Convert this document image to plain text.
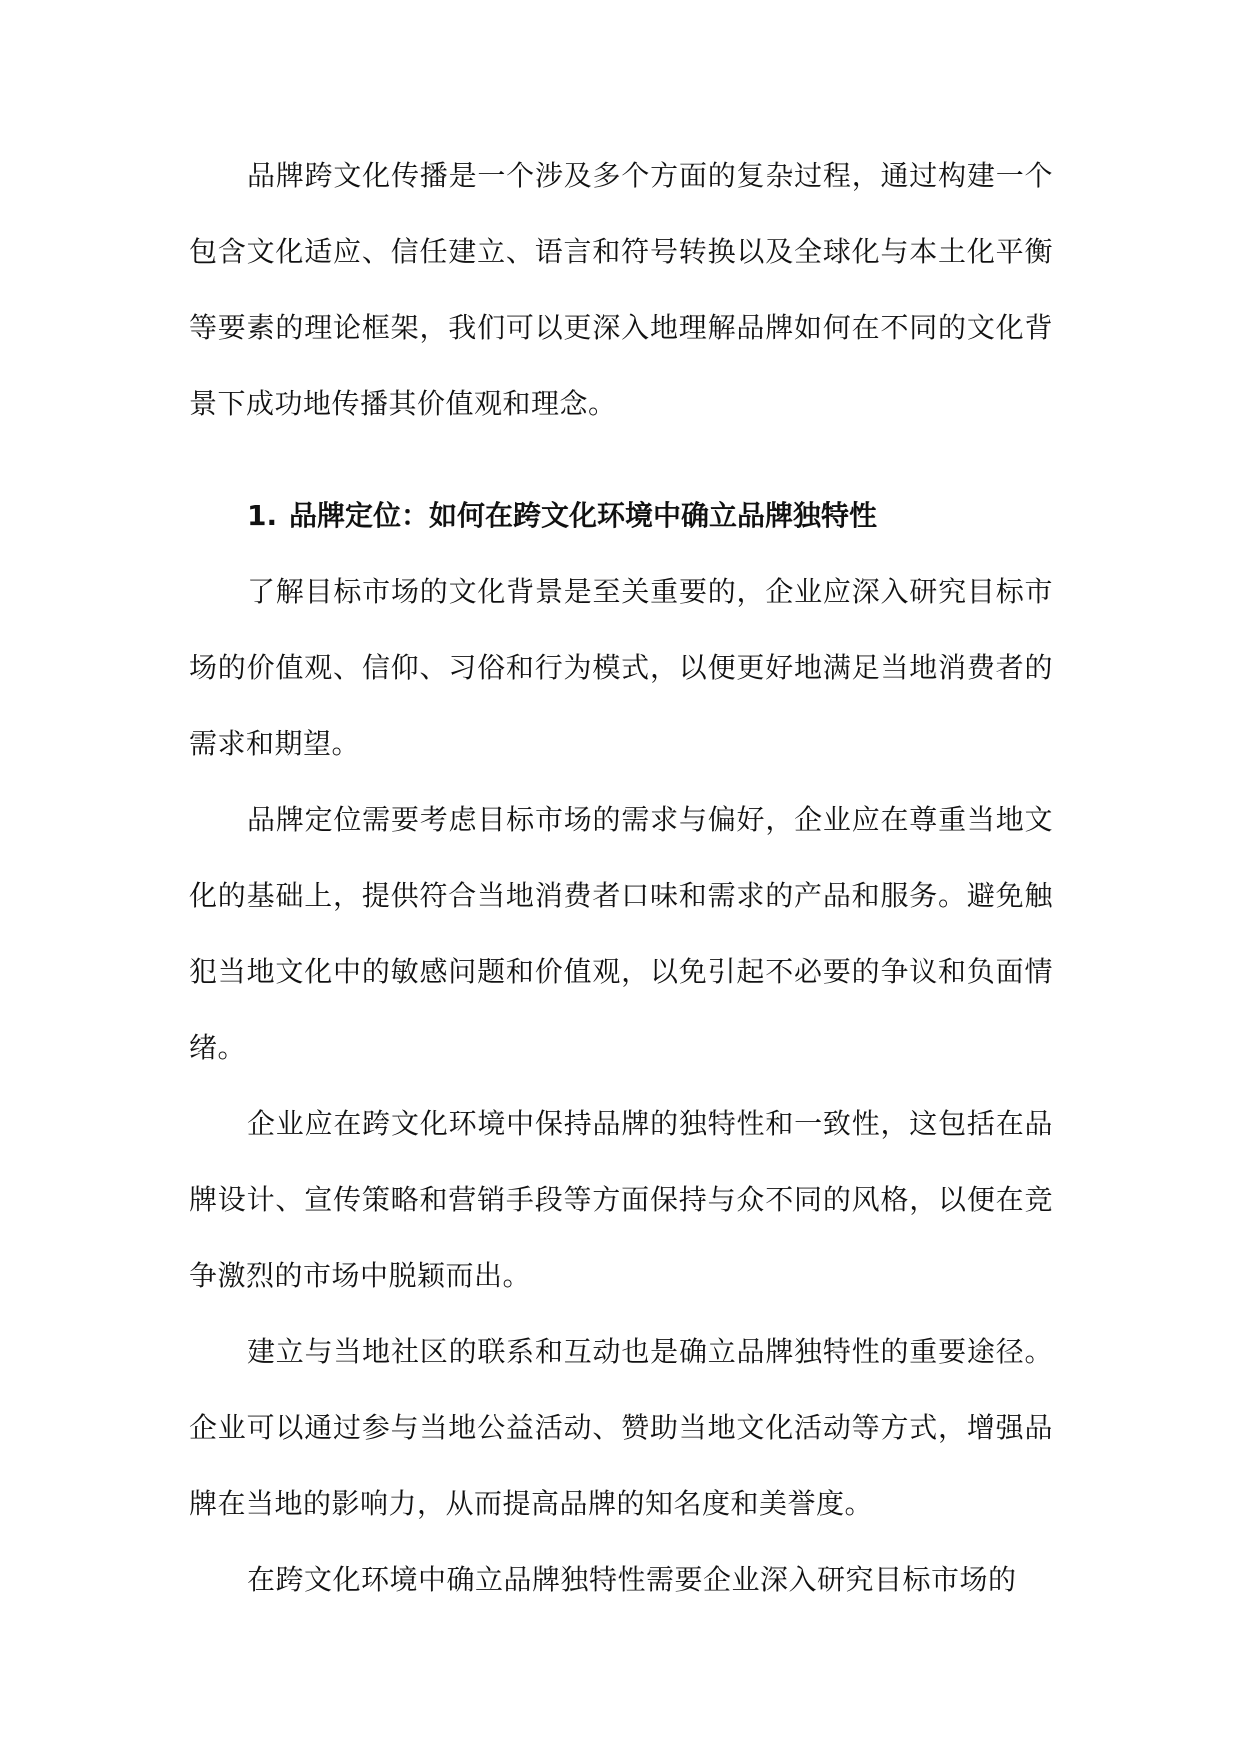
品牌跨文化传播是一个涉及多个方面的复杂过程，通过构建一个包含文化适应、信任建立、语言和符号转换以及全球化与本土化平衡等要素的理论框架，我们可以更深入地理解品牌如何在不同的文化背景下成功地传播其价值观和理念。

1. 品牌定位：如何在跨文化环境中确立品牌独特性

了解目标市场的文化背景是至关重要的，企业应深入研究目标市场的价值观、信仰、习俗和行为模式，以便更好地满足当地消费者的需求和期望。

品牌定位需要考虑目标市场的需求与偏好，企业应在尊重当地文化的基础上，提供符合当地消费者口味和需求的产品和服务。避免触犯当地文化中的敏感问题和价值观，以免引起不必要的争议和负面情绪。

企业应在跨文化环境中保持品牌的独特性和一致性，这包括在品牌设计、宣传策略和营销手段等方面保持与众不同的风格，以便在竞争激烈的市场中脱颖而出。

建立与当地社区的联系和互动也是确立品牌独特性的重要途径。企业可以通过参与当地公益活动、赞助当地文化活动等方式，增强品牌在当地的影响力，从而提高品牌的知名度和美誉度。

在跨文化环境中确立品牌独特性需要企业深入研究目标市场的
